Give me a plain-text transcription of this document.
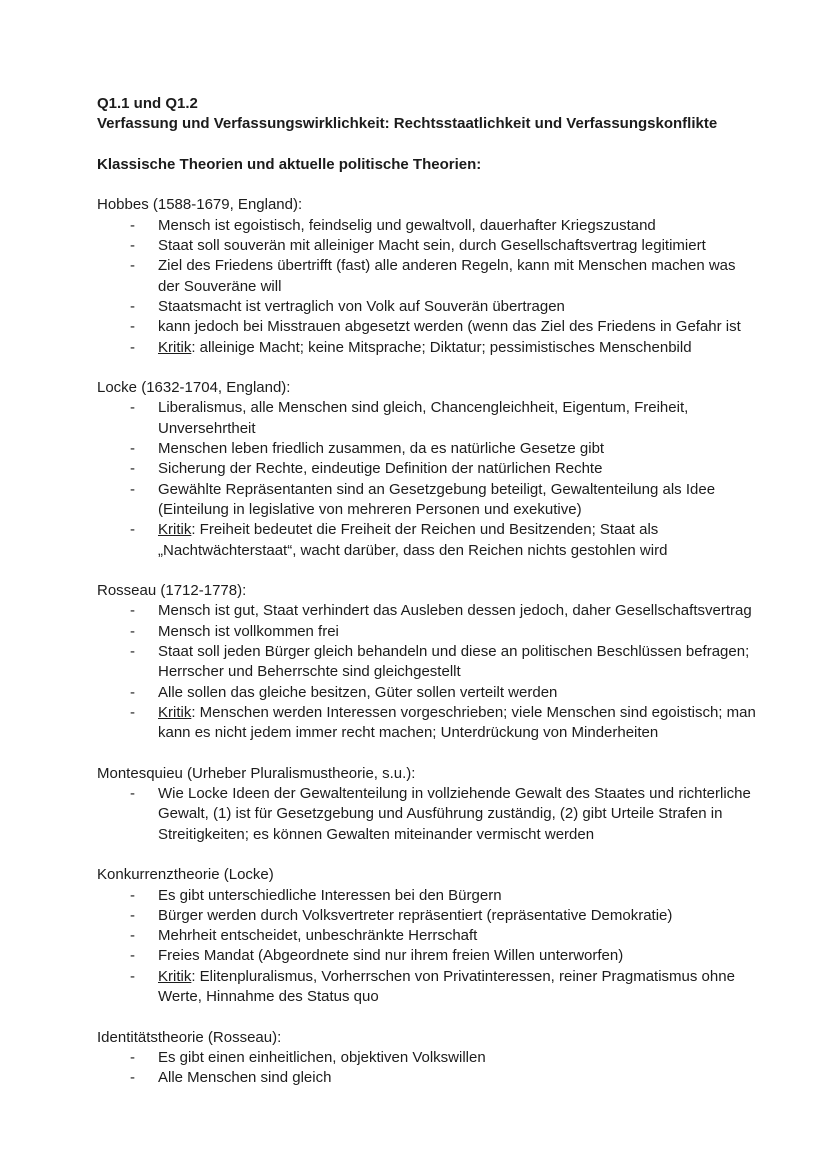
Q1.1 und Q1.2
Verfassung und Verfassungswirklichkeit: Rechtsstaatlichkeit und Verfassungskonflikte
Klassische Theorien und aktuelle politische Theorien:
Hobbes (1588-1679, England):
-	Mensch ist egoistisch, feindselig und gewaltvoll, dauerhafter Kriegszustand
-	Staat soll souverän mit alleiniger Macht sein, durch Gesellschaftsvertrag legitimiert
-	Ziel des Friedens übertrifft (fast) alle anderen Regeln, kann mit Menschen machen was
der Souveräne will
-	Staatsmacht ist vertraglich von Volk auf Souverän übertragen
-	kann jedoch bei Misstrauen abgesetzt werden (wenn das Ziel des Friedens in Gefahr ist
-	Kritik: alleinige Macht; keine Mitsprache; Diktatur; pessimistisches Menschenbild
Locke (1632-1704, England):
-	Liberalismus, alle Menschen sind gleich, Chancengleichheit, Eigentum, Freiheit,
Unversehrtheit
-	Menschen leben friedlich zusammen, da es natürliche Gesetze gibt
-	Sicherung der Rechte, eindeutige Definition der natürlichen Rechte
-	Gewählte Repräsentanten sind an Gesetzgebung beteiligt, Gewaltenteilung als Idee
(Einteilung in legislative von mehreren Personen und exekutive)
-	Kritik: Freiheit bedeutet die Freiheit der Reichen und Besitzenden; Staat als
„Nachtwächterstaat“, wacht darüber, dass den Reichen nichts gestohlen wird
Rosseau (1712-1778):
-	Mensch ist gut, Staat verhindert das Ausleben dessen jedoch, daher Gesellschaftsvertrag
-	Mensch ist vollkommen frei
-	Staat soll jeden Bürger gleich behandeln und diese an politischen Beschlüssen befragen;
Herrscher und Beherrschte sind gleichgestellt
-	Alle sollen das gleiche besitzen, Güter sollen verteilt werden
-	Kritik: Menschen werden Interessen vorgeschrieben; viele Menschen sind egoistisch; man
kann es nicht jedem immer recht machen; Unterdrückung von Minderheiten
Montesquieu (Urheber Pluralismustheorie, s.u.):
-	Wie Locke Ideen der Gewaltenteilung in vollziehende Gewalt des Staates und richterliche
Gewalt, (1) ist für Gesetzgebung und Ausführung zuständig, (2) gibt Urteile Strafen in
Streitigkeiten; es können Gewalten miteinander vermischt werden
Konkurrenztheorie (Locke)
-	Es gibt unterschiedliche Interessen bei den Bürgern
-	Bürger werden durch Volksvertreter repräsentiert (repräsentative Demokratie)
-	Mehrheit entscheidet, unbeschränkte Herrschaft
-	Freies Mandat (Abgeordnete sind nur ihrem freien Willen unterworfen)
-	Kritik: Elitenpluralismus, Vorherrschen von Privatinteressen, reiner Pragmatismus ohne
Werte, Hinnahme des Status quo
Identitätstheorie (Rosseau):
-	Es gibt einen einheitlichen, objektiven Volkswillen
-	Alle Menschen sind gleich
